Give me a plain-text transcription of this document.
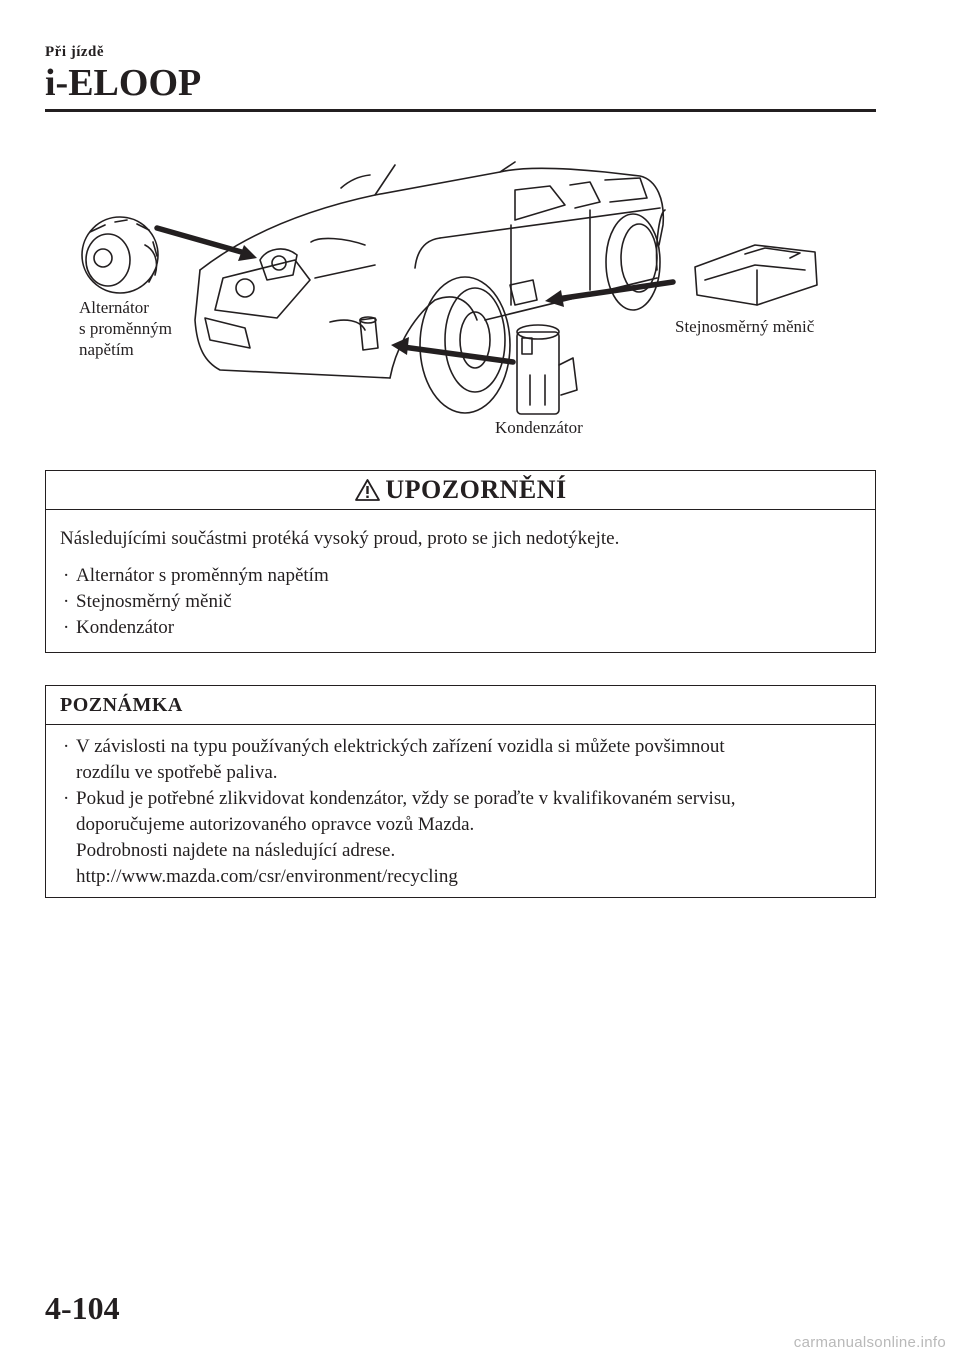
Při jízdě
i-ELOOP
Alternátor
s proměnným
napětím
Stejnosměrný měnič
Kondenzátor
UPOZORNĚNÍ
Následujícími součástmi protéká vysoký proud, proto se jich nedotýkejte.
· Alternátor s proměnným napětím
· Stejnosměrný měnič
· Kondenzátor
POZNÁMKA
· V závislosti na typu používaných elektrických zařízení vozidla si můžete povšimnout
rozdílu ve spotřebě paliva.
· Pokud je potřebné zlikvidovat kondenzátor, vždy se poraďte v kvalifikovaném servisu,
doporučujeme autorizovaného opravce vozů Mazda.
Podrobnosti najdete na následující adrese.
http://www.mazda.com/csr/environment/recycling
4-104
carmanualsonline.info
